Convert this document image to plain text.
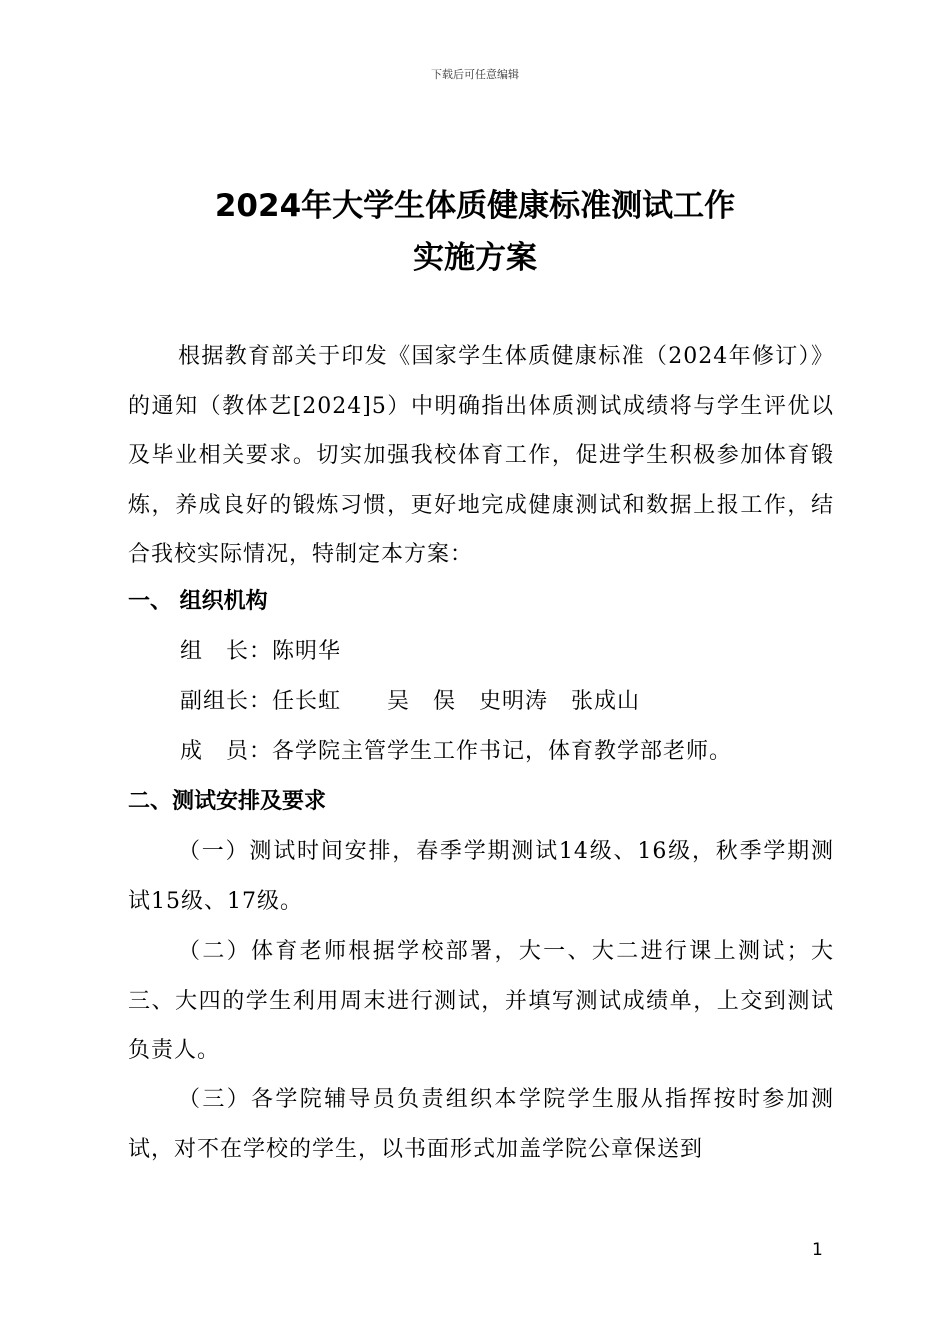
下载后可任意编辑
2024年大学生体质健康标准测试工作
实施方案
根据教育部关于印发《国家学生体质健康标准（2024年修订）》的通知（教体艺[2024]5）中明确指出体质测试成绩将与学生评优以及毕业相关要求。切实加强我校体育工作，促进学生积极参加体育锻炼，养成良好的锻炼习惯，更好地完成健康测试和数据上报工作，结合我校实际情况，特制定本方案：
一、 组织机构
组　长：陈明华
副组长：任长虹　　吴　俣　史明涛　张成山
成　员：各学院主管学生工作书记，体育教学部老师。
二、测试安排及要求
（一）测试时间安排，春季学期测试14级、16级，秋季学期测试15级、17级。
（二）体育老师根据学校部署，大一、大二进行课上测试；大三、大四的学生利用周末进行测试，并填写测试成绩单，上交到测试负责人。
（三）各学院辅导员负责组织本学院学生服从指挥按时参加测试，对不在学校的学生，以书面形式加盖学院公章保送到
1
